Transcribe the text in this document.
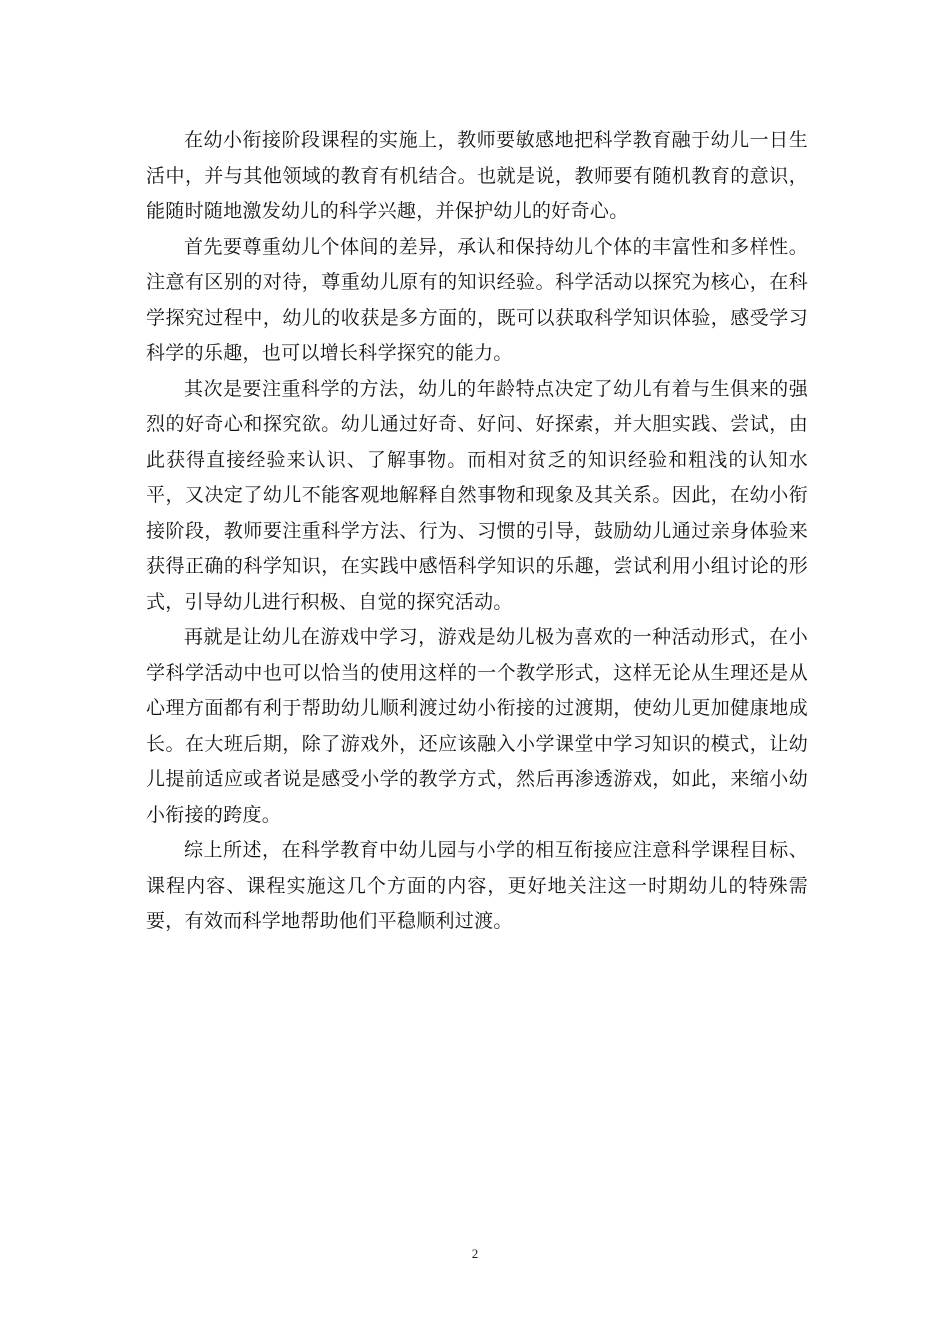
在幼小衔接阶段课程的实施上，教师要敏感地把科学教育融于幼儿一日生活中，并与其他领域的教育有机结合。也就是说，教师要有随机教育的意识，能随时随地激发幼儿的科学兴趣，并保护幼儿的好奇心。

首先要尊重幼儿个体间的差异，承认和保持幼儿个体的丰富性和多样性。注意有区别的对待，尊重幼儿原有的知识经验。科学活动以探究为核心，在科学探究过程中，幼儿的收获是多方面的，既可以获取科学知识体验，感受学习科学的乐趣，也可以增长科学探究的能力。

其次是要注重科学的方法，幼儿的年龄特点决定了幼儿有着与生俱来的强烈的好奇心和探究欲。幼儿通过好奇、好问、好探索，并大胆实践、尝试，由此获得直接经验来认识、了解事物。而相对贫乏的知识经验和粗浅的认知水平，又决定了幼儿不能客观地解释自然事物和现象及其关系。因此，在幼小衔接阶段，教师要注重科学方法、行为、习惯的引导，鼓励幼儿通过亲身体验来获得正确的科学知识，在实践中感悟科学知识的乐趣，尝试利用小组讨论的形式，引导幼儿进行积极、自觉的探究活动。

再就是让幼儿在游戏中学习，游戏是幼儿极为喜欢的一种活动形式，在小学科学活动中也可以恰当的使用这样的一个教学形式，这样无论从生理还是从心理方面都有利于帮助幼儿顺利渡过幼小衔接的过渡期，使幼儿更加健康地成长。在大班后期，除了游戏外，还应该融入小学课堂中学习知识的模式，让幼儿提前适应或者说是感受小学的教学方式，然后再渗透游戏，如此，来缩小幼小衔接的跨度。

综上所述，在科学教育中幼儿园与小学的相互衔接应注意科学课程目标、课程内容、课程实施这几个方面的内容，更好地关注这一时期幼儿的特殊需要，有效而科学地帮助他们平稳顺利过渡。

2
